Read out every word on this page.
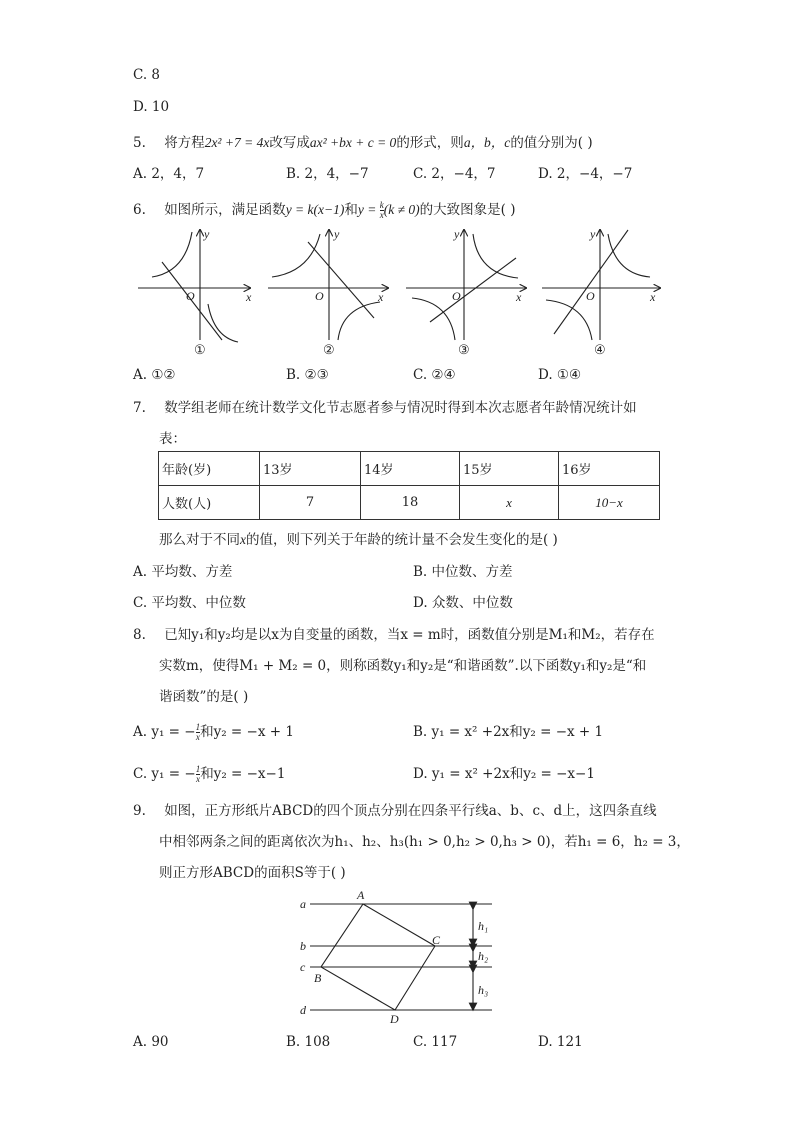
C. 8
D. 10
5. 将方程2x² +7 = 4x改写成ax² +bx + c = 0的形式，则a，b，c的值分别为( )
A. 2，4，7	B. 2，4，−7	C. 2，−4，7	D. 2，−4，−7
6. 如图所示，满足函数y = k(x−1)和$y = \frac{k}{x} (k \ne 0)$的大致图象是( )
x
y
O	x
y
O	x
y
O	x
y
O
①	②	③	④
A. ①②	B. ②③	C. ②④	D. ①④
7. 数学组老师在统计数学文化节志愿者参与情况时得到本次志愿者年龄情况统计如
表：
年龄(岁)	13岁	14岁	15岁	16岁
人数(人)	7	18	x	10−x
那么对于不同x的值，则下列关于年龄的统计量不会发生变化的是( )
A. 平均数、方差	B. 中位数、方差
C. 平均数、中位数	D. 众数、中位数
8. 已知y₁和y₂均是以x为自变量的函数，当x = m时，函数值分别是M₁和M₂，若存在
实数m，使得M₁ + M₂ = 0，则称函数y₁和y₂是“和谐函数”.以下函数y₁和y₂是“和
谐函数”的是( )
A. y₁ = − $\frac{1}{x}$ 和y₂ = −x + 1	B. y₁ = x² +2x和y₂ = −x + 1
C. y₁ = − $\frac{1}{x}$ 和y₂ = −x−1	D. y₁ = x² +2x和y₂ = −x−1
9. 如图，正方形纸片ABCD的四个顶点分别在四条平行线a、b、c、d上，这四条直线
中相邻两条之间的距离依次为h₁、h₂、h₃(h₁ > 0,h₂ > 0,h₃ > 0)，若h₁ = 6，h₂ = 3，
则正方形ABCD的面积S等于( )
a
b
c
d
A
B
C
D
h₁
h₂
h₃
A. 90	B. 108	C. 117	D. 121
